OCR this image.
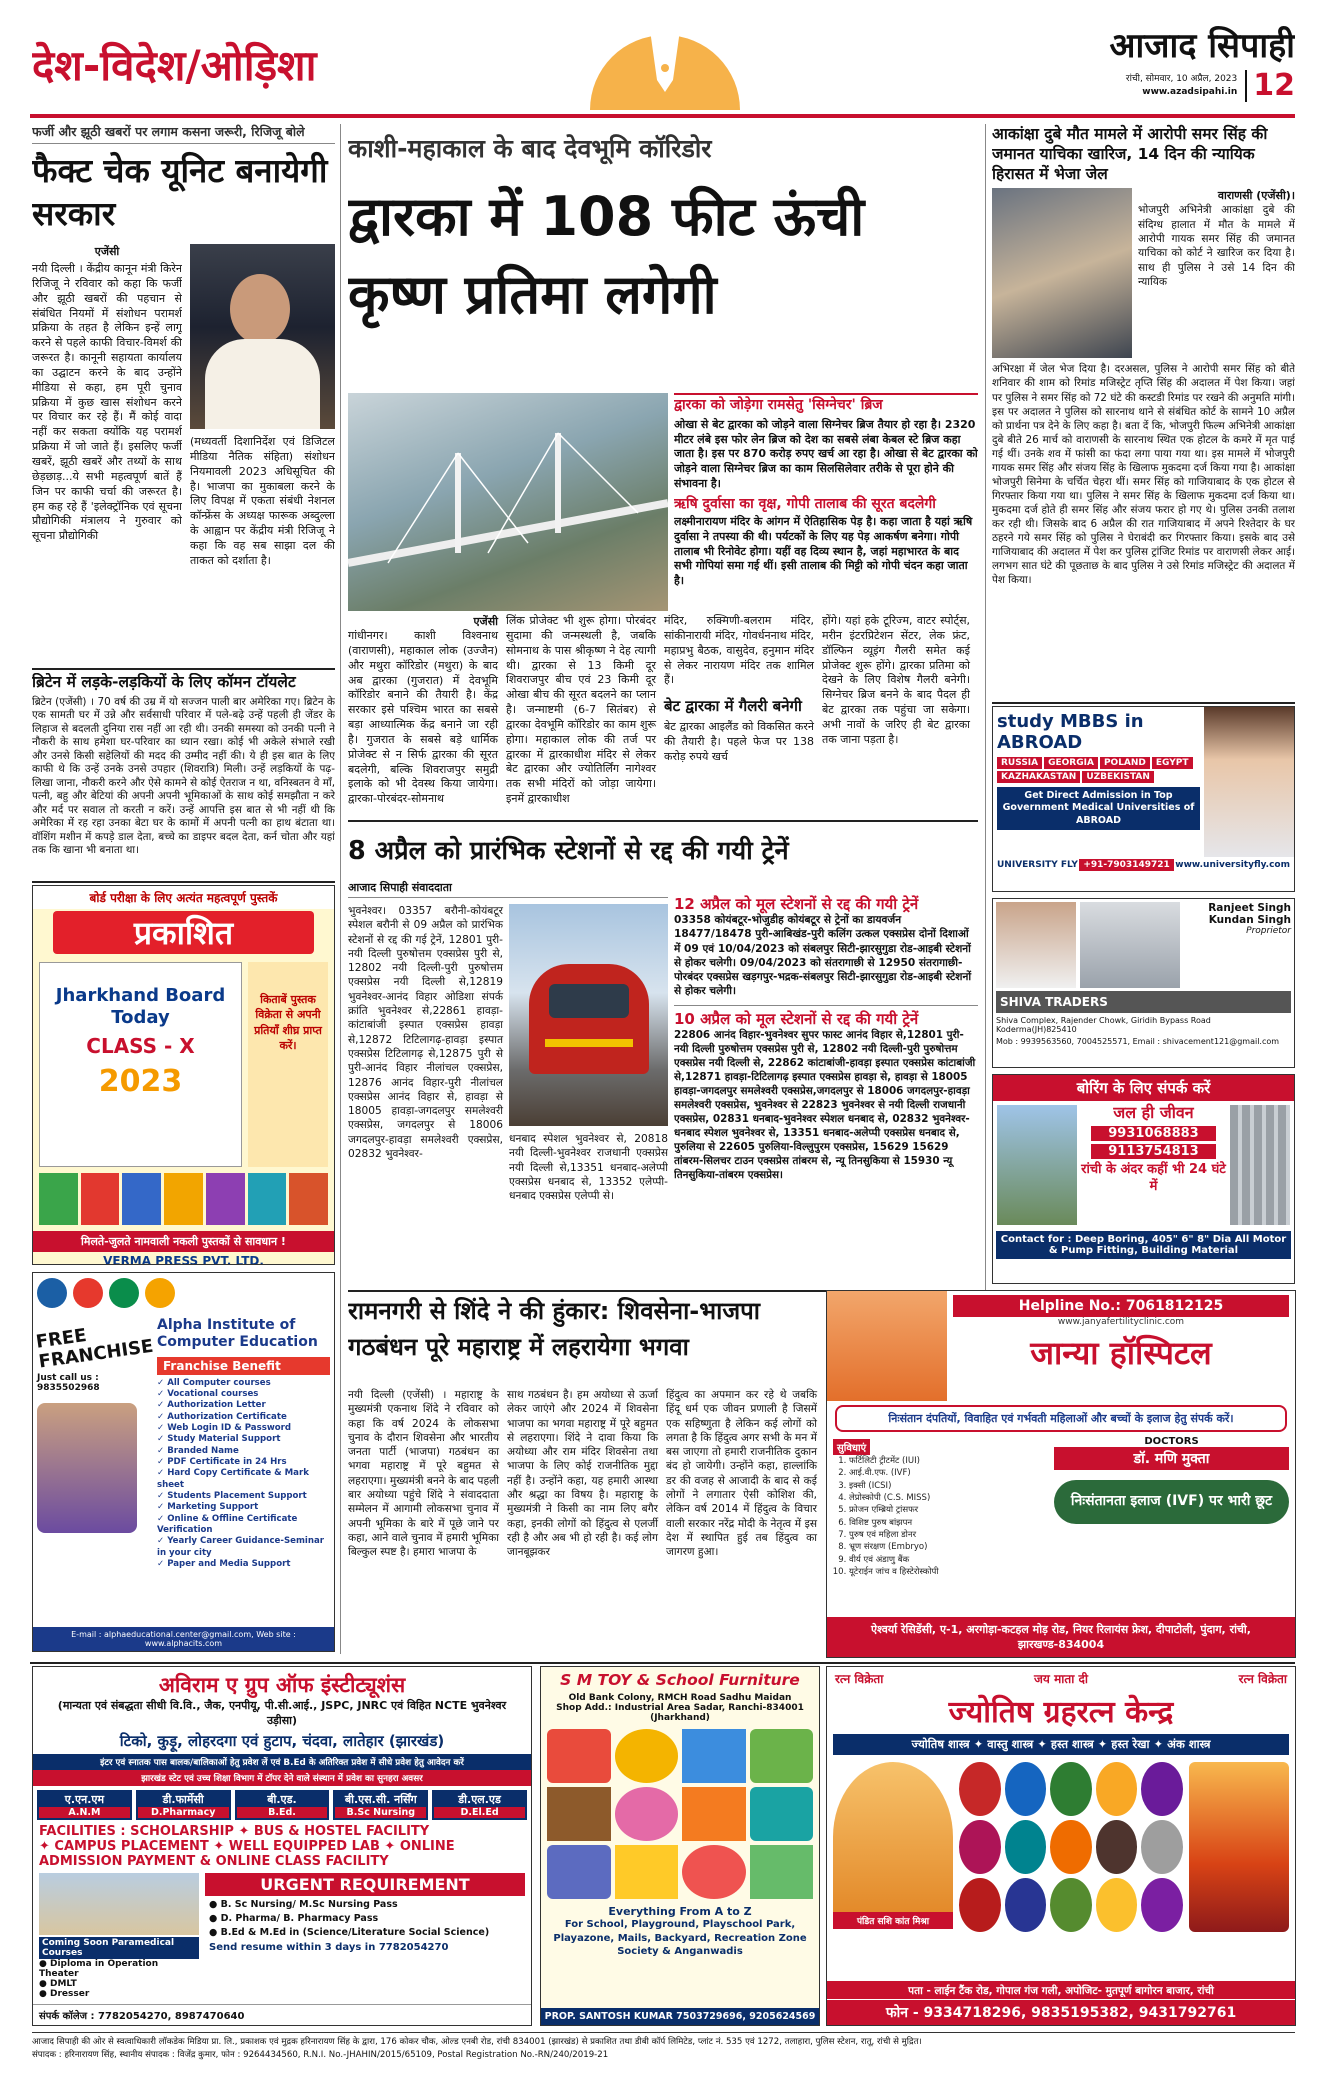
देश-विदेश/ओड़िशा	आजाद सिपाही
रांची, सोमवार, 10 अप्रैल, 2023
www.azadsipahi.in 12
फर्जी और झूठी खबरों पर लगाम कसना जरूरी, रिजिजू बोले
फैक्ट चेक यूनिट बनायेगी सरकार
एजेंसी
नयी दिल्ली । केंद्रीय कानून मंत्री किरेन रिजिजू ने रविवार को कहा कि फर्जी और झूठी खबरों की पहचान से संबंधित नियमों में संशोधन परामर्श प्रक्रिया के तहत है लेकिन इन्हें लागू करने से पहले काफी विचार-विमर्श की जरूरत है। कानूनी सहायता कार्यालय का उद्घाटन करने के बाद उन्होंने मीडिया से कहा, हम पूरी चुनाव प्रक्रिया में कुछ खास संशोधन करने पर विचार कर रहे हैं। मैं कोई वादा नहीं कर सकता क्योंकि यह परामर्श प्रक्रिया में जो जाते हैं। इसलिए फर्जी खबरें, झूठी खबरें और तथ्यों के साथ छेड़छाड़...ये सभी महत्वपूर्ण बातें हैं जिन पर काफी चर्चा की जरूरत है। हम कह रहे हैं 'इलेक्ट्रॉनिक एवं सूचना प्रौद्योगिकी मंत्रालय ने गुरुवार को सूचना प्रौद्योगिकी
(मध्यवर्ती दिशानिर्देश एवं डिजिटल मीडिया नैतिक संहिता) संशोधन नियमावली 2023 अधिसूचित की है। भाजपा का मुकाबला करने के लिए विपक्ष में एकता संबंधी नेशनल कॉन्फ्रेंस के अध्यक्ष फारूक अब्दुल्ला के आह्वान पर केंद्रीय मंत्री रिजिजू ने कहा कि वह सब साझा दल की ताकत को दर्शाता है।
ब्रिटेन में लड़के-लड़कियों के लिए कॉमन टॉयलेट
ब्रिटेन (एजेंसी) । 70 वर्ष की उम्र में यो सज्जन पाली बार अमेरिका गए। ब्रिटेन के एक सामती घर में उन्ने और सर्वसाधी परिवार में पले-बढ़े उन्हें पहली ही जेंडर के लिहाज से बदलती दुनिया रास नहीं आ रही थी। उनकी समस्या को उनकी पत्नी ने नौकरी के साथ हमेशा घर-परिवार का ध्यान रखा। कोई भी अकेले संभाले रखी और उनसे किसी सहेलियों की मदद की उम्मीद नहीं की। ये ही इस बात के लिए काफी थे कि उन्हें उनके उनसे उपहार (शिवरात्रि) मिली। उन्हें लड़कियों के पढ़-लिखा जाना, नौकरी करने और ऐसे कामने से कोई ऐतराज न था, वनिस्बतन वे माँ, पत्नी, बहु और बेटियां की अपनी अपनी भूमिकाओं के साथ कोई समझौता न करे और मर्द पर सवाल तो करती न करें। उन्हें आपत्ति इस बात से भी नहीं थी कि अमेरिका में रह रहा उनका बेटा घर के कामों में अपनी पत्नी का हाथ बंटाता था। वॉशिंग मशीन में कपड़े डाल देता, बच्चे का डाइपर बदल देता, कर्न चोता और यहां तक कि खाना भी बनाता था।
बोर्ड परीक्षा के लिए अत्यंत महत्वपूर्ण पुस्तकें
प्रकाशित
Jharkhand Board Today
CLASS - X
2023
किताबें पुस्तक विक्रेता से अपनी प्रतियाँ शीघ्र प्राप्त करें।
मिलते-जुलते नामवाली नकली पुस्तकों से सावधान !
VERMA PRESS PVT. LTD.
FREE FRANCHISE
Just call us : 9835502968
Alpha Institute of Computer Education
Franchise Benefit
✓ All Computer courses
✓ Vocational courses
✓ Authorization Letter
✓ Authorization Certificate
✓ Web Login ID & Password
✓ Study Material Support
✓ Branded Name
✓ PDF Certificate in 24 Hrs
✓ Hard Copy Certificate & Mark sheet
✓ Students Placement Support
✓ Marketing Support
✓ Online & Offline Certificate Verification
✓ Yearly Career Guidance-Seminar in your city
✓ Paper and Media Support
E-mail : alphaeducational.center@gmail.com, Web site : www.alphacits.com
काशी-महाकाल के बाद देवभूमि कॉरिडोर
द्वारका में 108 फीट ऊंची कृष्ण प्रतिमा लगेगी
द्वारका को जोड़ेगा रामसेतु 'सिग्नेचर' ब्रिज
ओखा से बेट द्वारका को जोड़ने वाला सिग्नेचर ब्रिज तैयार हो रहा है। 2320 मीटर लंबे इस फोर लेन ब्रिज को देश का सबसे लंबा केबल स्टे ब्रिज कहा जाता है। इस पर 870 करोड़ रुपए खर्च आ रहा है। ओखा से बेट द्वारका को जोड़ने वाला सिग्नेचर ब्रिज का काम सिलसिलेवार तरीके से पूरा होने की संभावना है।
ऋषि दुर्वासा का वृक्ष, गोपी तालाब की सूरत बदलेगी
लक्ष्मीनारायण मंदिर के आंगन में ऐतिहासिक पेड़ है। कहा जाता है यहां ऋषि दुर्वासा ने तपस्या की थी। पर्यटकों के लिए यह पेड़ आकर्षण बनेगा। गोपी तालाब भी रिनोवेट होगा। यहीं वह दिव्य स्थान है, जहां महाभारत के बाद सभी गोपियां समा गई थीं। इसी तालाब की मिट्टी को गोपी चंदन कहा जाता है।
एजेंसी
गांधीनगर। काशी विश्वनाथ (वाराणसी), महाकाल लोक (उज्जैन) और मथुरा कॉरिडोर (मथुरा) के बाद अब द्वारका (गुजरात) में देवभूमि कॉरिडोर बनाने की तैयारी है। केंद्र सरकार इसे पश्चिम भारत का सबसे बड़ा आध्यात्मिक केंद्र बनाने जा रही है। गुजरात के सबसे बड़े धार्मिक प्रोजेक्ट से न सिर्फ द्वारका की सूरत बदलेगी, बल्कि शिवराजपुर समुद्री इलाके को भी देवस्थ किया जायेगा। द्वारका-पोरबंदर-सोमनाथ
लिंक प्रोजेक्ट भी शुरू होगा। पोरबंदर सुदामा की जन्मस्थली है, जबकि सोमनाथ के पास श्रीकृष्ण ने देह त्यागी थी। द्वारका से 13 किमी दूर शिवराजपुर बीच एवं 23 किमी दूर ओखा बीच की सूरत बदलने का प्लान है। जन्माष्टमी (6-7 सितंबर) से द्वारका देवभूमि कॉरिडोर का काम शुरू होगा। महाकाल लोक की तर्ज पर द्वारका में द्वारकाधीश मंदिर से लेकर बेट द्वारका और ज्योतिर्लिंग नागेश्वर तक सभी मंदिरों को जोड़ा जायेगा। इनमें द्वारकाधीश
मंदिर, रुक्मिणी-बलराम मंदिर, सांकीनारायी मंदिर, गोवर्धननाथ मंदिर, महाप्रभु बैठक, वासुदेव, हनुमान मंदिर से लेकर नारायण मंदिर तक शामिल हैं।
बेट द्वारका में गैलरी बनेगी
बेट द्वारका आइलैंड को विकसित करने की तैयारी है। पहले फेज पर 138 करोड़ रुपये खर्च
होंगे। यहां हके टूरिज्म, वाटर स्पोर्ट्स, मरीन इंटरप्रिटेशन सेंटर, लेक फ्रंट, डॉल्फिन व्यूइंग गैलरी समेत कई प्रोजेक्ट शुरू होंगे। द्वारका प्रतिमा को देखने के लिए विशेष गैलरी बनेगी। सिग्नेचर ब्रिज बनने के बाद पैदल ही बेट द्वारका तक पहुंचा जा सकेगा। अभी नावों के जरिए ही बेट द्वारका तक जाना पड़ता है।
8 अप्रैल को प्रारंभिक स्टेशनों से रद्द की गयी ट्रेनें
आजाद सिपाही संवाददाता
भुवनेश्वर। 03357 बरौनी-कोयंबटूर स्पेशल बरौनी से 09 अप्रैल को प्रारंभिक स्टेशनों से रद्द की गई ट्रेनें, 12801 पुरी-नयी दिल्ली पुरुषोत्तम एक्सप्रेस पुरी से, 12802 नयी दिल्ली-पुरी पुरुषोत्तम एक्सप्रेस नयी दिल्ली से,12819 भुवनेश्वर-आनंद विहार ओडिशा संपर्क क्रांति भुवनेश्वर से,22861 हावड़ा-कांटाबांजी इस्पात एक्सप्रेस हावड़ा से,12872 टिटिलागढ़-हावड़ा इस्पात एक्सप्रेस टिटिलागढ़ से,12875 पुरी से पुरी-आनंद विहार नीलांचल एक्सप्रेस, 12876 आनंद विहार-पुरी नीलांचल एक्सप्रेस आनंद विहार से, हावड़ा से 18005 हावड़ा-जगदलपुर समलेश्वरी एक्सप्रेस, जगदलपुर से 18006 जगदलपुर-हावड़ा समलेश्वरी एक्सप्रेस, 02832 भुवनेश्वर-
धनबाद स्पेशल भुवनेश्वर से, 20818 नयी दिल्ली-भुवनेश्वर राजधानी एक्सप्रेस नयी दिल्ली से,13351 धनबाद-अलेप्पी एक्सप्रेस धनबाद से, 13352 एलेप्पी-धनबाद एक्सप्रेस एलेप्पी से।
12 अप्रैल को मूल स्टेशनों से रद्द की गयी ट्रेनें
03358 कोयंबटूर-भोजुडीह कोयंबटूर से ट्रेनों का डायवर्जन 18477/18478 पुरी-आबिखंड-पुरी कलिंग उत्कल एक्सप्रेस दोनों दिशाओं में 09 एवं 10/04/2023 को संबलपुर सिटी-झारसुगुडा रोड-आइबी स्टेशनों से होकर चलेगी। 09/04/2023 को संतरागाछी से 12950 संतरागाछी-पोरबंदर एक्सप्रेस खड़गपुर-भद्रक-संबलपुर सिटी-झारसुगुडा रोड-आइबी स्टेशनों से होकर चलेगी।
10 अप्रैल को मूल स्टेशनों से रद्द की गयी ट्रेनें
22806 आनंद विहार-भुवनेश्वर सुपर फास्ट आनंद विहार से,12801 पुरी-नयी दिल्ली पुरुषोत्तम एक्सप्रेस पुरी से, 12802 नयी दिल्ली-पुरी पुरुषोत्तम एक्सप्रेस नयी दिल्ली से, 22862 कांटाबांजी-हावड़ा इस्पात एक्सप्रेस कांटाबांजी से,12871 हावड़ा-टिटिलागढ़ इस्पात एक्सप्रेस हावड़ा से, हावड़ा से 18005 हावड़ा-जगदलपुर समलेश्वरी एक्सप्रेस,जगदलपुर से 18006 जगदलपुर-हावड़ा समलेश्वरी एक्सप्रेस, भुवनेश्वर से 22823 भुवनेश्वर से नयी दिल्ली राजधानी एक्सप्रेस, 02831 धनबाद-भुवनेश्वर स्पेशल धनबाद से, 02832 भुवनेश्वर-धनबाद स्पेशल भुवनेश्वर से, 13351 धनबाद-अलेप्पी एक्सप्रेस धनबाद से, पुरुलिया से 22605 पुरुलिया-विल्लुपुरम एक्सप्रेस, 15629 15629 तांबरम-सिलचर टाउन एक्सप्रेस तांबरम से, न्यू तिनसुकिया से 15930 न्यू तिनसुकिया-तांबरम एक्सप्रेस।
रामनगरी से शिंदे ने की हुंकार: शिवसेना-भाजपा गठबंधन पूरे महाराष्ट्र में लहरायेगा भगवा
नयी दिल्ली (एजेंसी) । महाराष्ट्र के मुख्यमंत्री एकनाथ शिंदे ने रविवार को कहा कि वर्ष 2024 के लोकसभा चुनाव के दौरान शिवसेना और भारतीय जनता पार्टी (भाजपा) गठबंधन का भगवा महाराष्ट्र में पूरे बहुमत से लहराएगा। मुख्यमंत्री बनने के बाद पहली बार अयोध्या पहुंचे शिंदे ने संवाददाता सम्मेलन में आगामी लोकसभा चुनाव में अपनी भूमिका के बारे में पूछे जाने पर कहा, आने वाले चुनाव में हमारी भूमिका बिल्कुल स्पष्ट है। हमारा भाजपा के
साथ गठबंधन है। हम अयोध्या से ऊर्जा लेकर जाएंगे और 2024 में शिवसेना भाजपा का भगवा महाराष्ट्र में पूरे बहुमत से लहराएगा। शिंदे ने दावा किया कि अयोध्या और राम मंदिर शिवसेना तथा भाजपा के लिए कोई राजनीतिक मुद्दा नहीं है। उन्होंने कहा, यह हमारी आस्था और श्रद्धा का विषय है। महाराष्ट्र के मुख्यमंत्री ने किसी का नाम लिए बगैर कहा, इनकी लोगों को हिंदुत्व से एलर्जी रही है और अब भी हो रही है। कई लोग जानबूझकर
हिंदुत्व का अपमान कर रहे थे जबकि हिंदू धर्म एक जीवन प्रणाली है जिसमें एक सहिष्णुता है लेकिन कई लोगों को लगता है कि हिंदुत्व अगर सभी के मन में बस जाएगा तो हमारी राजनीतिक दुकान बंद हो जायेगी। उन्होंने कहा, हाल्लांकि डर की वजह से आजादी के बाद से कई लोगों ने लगातार ऐसी कोशिश की, लेकिन वर्ष 2014 में हिंदुत्व के विचार वाली सरकार नरेंद्र मोदी के नेतृत्व में इस देश में स्थापित हुई तब हिंदुत्व का जागरण हुआ।
Helpline No.: 7061812125
www.janyafertilityclinic.com
जान्या हॉस्पिटल
निःसंतान दंपतियों, विवाहित एवं गर्भवती महिलाओं और बच्चों के इलाज हेतु संपर्क करें।
सुविधाएं
1. फर्टिलिटी ट्रीटमेंट (IUI)
2. आई.वी.एफ. (IVF)
3. इक्सी (ICSI)
4. लेप्रोस्कोपी (C.S. MISS)
5. फ्रोजन एम्ब्रियो ट्रांसफर
6. विशिष्ट पुरुष बांझपन
7. पुरुष एवं महिला डोनर
8. भ्रूण संरक्षण (Embryo)
9. वीर्य एवं अंडाणु बैंक
10. यूटेराईन जांच व हिस्टेरोस्कोपी
DOCTORS
डॉ. मणि मुक्ता
निःसंतानता इलाज (IVF) पर भारी छूट
ऐश्वर्या रेसिडेंसी, ए-1, अरगोड़ा-कटहल मोड़ रोड, नियर रिलायंस फ्रेश, दीपाटोली, पुंदाग, रांची, झारखण्ड-834004
आकांक्षा दुबे मौत मामले में आरोपी समर सिंह की जमानत याचिका खारिज, 14 दिन की न्यायिक हिरासत में भेजा जेल
वाराणसी (एजेंसी)।
भोजपुरी अभिनेत्री आकांक्षा दुबे की संदिग्ध हालात में मौत के मामले में आरोपी गायक समर सिंह की जमानत याचिका को कोर्ट ने खारिज कर दिया है। साथ ही पुलिस ने उसे 14 दिन की न्यायिक
अभिरक्षा में जेल भेज दिया है। दरअसल, पुलिस ने आरोपी समर सिंह को बीते शनिवार की शाम को रिमांड मजिस्ट्रेट तृप्ति सिंह की अदालत में पेश किया। जहां पर पुलिस ने समर सिंह को 72 घंटे की कस्टडी रिमांड पर रखने की अनुमति मांगी। इस पर अदालत ने पुलिस को सारनाथ थाने से संबंधित कोर्ट के सामने 10 अप्रैल को प्रार्थना पत्र देने के लिए कहा है। बता दें कि, भोजपुरी फिल्म अभिनेत्री आकांक्षा दुबे बीते 26 मार्च को वाराणसी के सारनाथ स्थित एक होटल के कमरे में मृत पाई गई थीं। उनके शव में फांसी का फंदा लगा पाया गया था। इस मामले में भोजपुरी गायक समर सिंह और संजय सिंह के खिलाफ मुकदमा दर्ज किया गया है। आकांक्षा भोजपुरी सिनेमा के चर्चित चेहरा थीं। समर सिंह को गाजियाबाद के एक होटल से गिरफ्तार किया गया था। पुलिस ने समर सिंह के खिलाफ मुकदमा दर्ज किया था। मुकदमा दर्ज होते ही समर सिंह और संजय फरार हो गए थे। पुलिस उनकी तलाश कर रही थी। जिसके बाद 6 अप्रैल की रात गाजियाबाद में अपने रिश्तेदार के घर ठहरने गये समर सिंह को पुलिस ने घेराबंदी कर गिरफ्तार किया। इसके बाद उसे गाजियाबाद की अदालत में पेश कर पुलिस ट्रांजिट रिमांड पर वाराणसी लेकर आई। लगभग सात घंटे की पूछताछ के बाद पुलिस ने उसे रिमांड मजिस्ट्रेट की अदालत में पेश किया।
study MBBS in ABROAD
RUSSIA	GEORGIA	POLAND	EGYPT
KAZHAKASTAN	UZBEKISTAN
Get Direct Admission in Top Government Medical Universities of ABROAD
UNIVERSITY FLY +91-7903149721 www.universityfly.com
Ranjeet Singh Kundan Singh
Proprietor
SHIVA TRADERS
Shiva Complex, Rajender Chowk, Giridih Bypass Road Koderma(JH)825410
Mob : 9939563560, 7004525571, Email : shivacement121@gmail.com
बोरिंग के लिए संपर्क करें
जल ही जीवन
9931068883
9113754813
रांची के अंदर कहीं भी 24 घंटे में
Contact for : Deep Boring, 405" 6" 8" Dia All Motor & Pump Fitting, Building Material
अविराम ए ग्रुप ऑफ इंस्टीट्यूशंस
(मान्यता एवं संबद्धता सीधी वि.वि., जैक, एनपीयू, पी.सी.आई., JSPC, JNRC एवं विहित NCTE भुवनेश्वर उड़ीसा)
टिको, कुड़ू, लोहरदगा एवं हुटाप, चंदवा, लातेहार (झारखंड)
इंटर एवं स्नातक पास बालक/बालिकाओं हेतु प्रवेश लें एवं B.Ed के अतिरिक्त प्रवेश में सीधे प्रवेश हेतु आवेदन करें
झारखंड स्टेट एवं उच्च शिक्षा विभाग में टॉपर देने वाले संस्थान में प्रवेश का सुनहरा अवसर
ए.एन.एम
A.N.M
डी.फार्मेसी
D.Pharmacy
बी.एड.
B.Ed.
बी.एस.सी. नर्सिंग
B.Sc Nursing
डी.एल.एड
D.El.Ed
FACILITIES : SCHOLARSHIP ✦ BUS & HOSTEL FACILITY
✦ CAMPUS PLACEMENT ✦ WELL EQUIPPED LAB ✦ ONLINE
ADMISSION PAYMENT & ONLINE CLASS FACILITY
Coming Soon Paramedical Courses
● Diploma in Operation Theater
● DMLT
● Dresser
URGENT REQUIREMENT
● B. Sc Nursing/ M.Sc Nursing Pass
● D. Pharma/ B. Pharmacy Pass
● B.Ed & M.Ed in (Science/Literature Social Science)
Send resume within 3 days in 7782054270
संपर्क कॉलेज : 7782054270, 8987470640
S M TOY & School Furniture
Old Bank Colony, RMCH Road Sadhu Maidan
Shop Add.: Industrial Area Sadar, Ranchi-834001 (Jharkhand)
Everything From A to Z
For School, Playground, Playschool Park, Playazone, Mails, Backyard, Recreation Zone Society & Anganwadis
PROP. SANTOSH KUMAR 7503729696, 9205624569
रत्न विक्रेता	जय माता दी	रत्न विक्रेता
ज्योतिष ग्रहरत्न केन्द्र
ज्योतिष शास्त्र ✦ वास्तु शास्त्र ✦ हस्त शास्त्र ✦ हस्त रेखा ✦ अंक शास्त्र
पंडित सशि कांत मिश्रा
पता - लाईन टैंक रोड, गोपाल गंज गली, अपोजिट- मुतपूर्ण बागोरन बाजार, रांची
फोन - 9334718296, 9835195382, 9431792761
आजाद सिपाही की ओर से स्वत्वाधिकारी लॉकडेक मिडिया प्रा. लि., प्रकाशक एवं मुद्रक हरिनारायण सिंह के द्वारा, 176 कोकर चौक, ओल्ड एनबी रोड, रांची 834001 (झारखंड) से प्रकाशित तथा डीबी कॉर्प लिमिटेड, प्लांट नं. 535 एवं 1272, तलाहारा, पुलिस स्टेशन, रातू, रांची से मुद्रित।
संपादक : हरिनारायण सिंह, स्थानीय संपादक : विजेंद्र कुमार, फोन : 9264434560, R.N.I. No.-JHAHIN/2015/65109, Postal Registration No.-RN/240/2019-21
